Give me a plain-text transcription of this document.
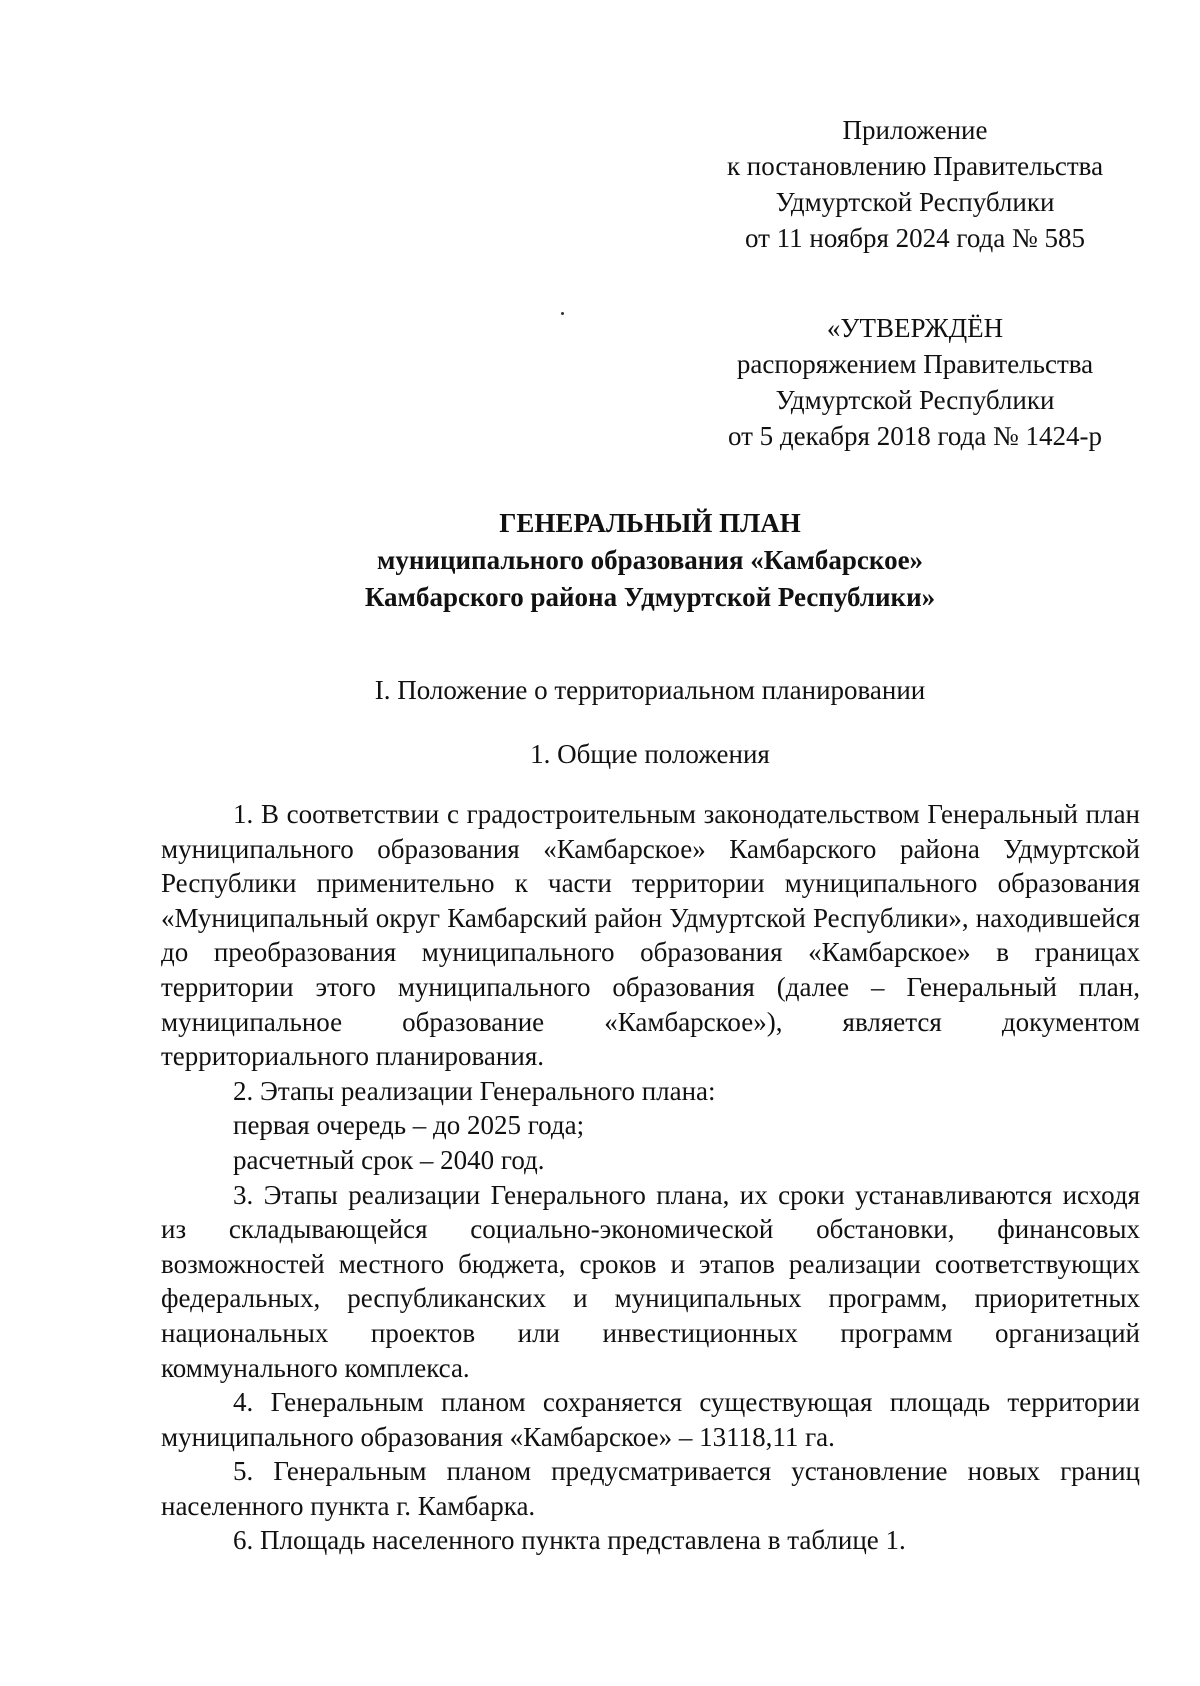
Приложение
к постановлению Правительства
Удмуртской Республики
от 11 ноября 2024 года № 585
«УТВЕРЖДЁН
распоряжением Правительства
Удмуртской Республики
от 5 декабря 2018 года № 1424-р
ГЕНЕРАЛЬНЫЙ ПЛАН
муниципального образования «Камбарское»
Камбарского района Удмуртской Республики»
I. Положение о территориальном планировании
1. Общие положения

1. В соответствии с градостроительным законодательством Генеральный план муниципального образования «Камбарское» Камбарского района Удмуртской Республики применительно к части территории муниципального образования «Муниципальный округ Камбарский район Удмуртской Республики», находившейся до преобразования муниципального образования «Камбарское» в границах территории этого муниципального образования (далее – Генеральный план, муниципальное образование «Камбарское»), является документом территориального планирования.

2. Этапы реализации Генерального плана:

первая очередь – до 2025 года;

расчетный срок – 2040 год.

3. Этапы реализации Генерального плана, их сроки устанавливаются исходя из складывающейся социально-экономической обстановки, финансовых возможностей местного бюджета, сроков и этапов реализации соответствующих федеральных, республиканских и муниципальных программ, приоритетных национальных проектов или инвестиционных программ организаций коммунального комплекса.

4. Генеральным планом сохраняется существующая площадь территории муниципального образования «Камбарское» – 13118,11 га.

5. Генеральным планом предусматривается установление новых границ населенного пункта г. Камбарка.

6. Площадь населенного пункта представлена в таблице 1.
